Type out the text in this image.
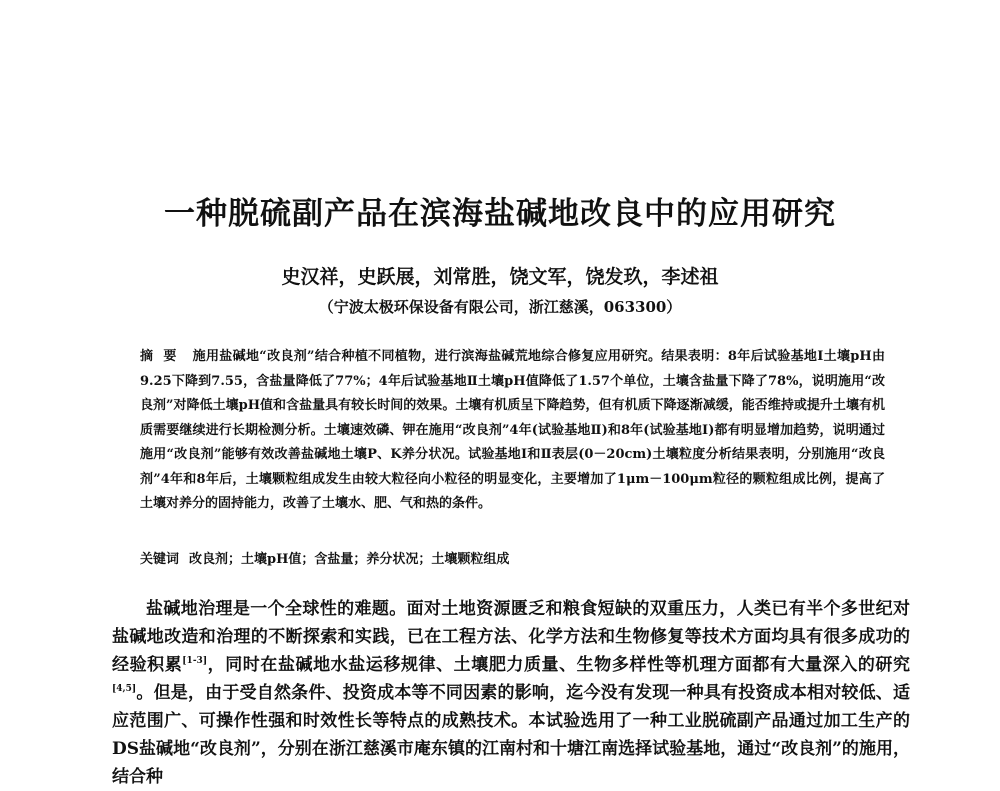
一种脱硫副产品在滨海盐碱地改良中的应用研究
史汉祥，史跃展，刘常胜，饶文军，饶发玖，李述祖
（宁波太极环保设备有限公司，浙江慈溪，063300）
摘要 施用盐碱地“改良剂”结合种植不同植物，进行滨海盐碱荒地综合修复应用研究。结果表明：8年后试验基地Ⅰ土壤pH由9.25下降到7.55，含盐量降低了77%；4年后试验基地Ⅱ土壤pH值降低了1.57个单位，土壤含盐量下降了78%，说明施用“改良剂”对降低土壤pH值和含盐量具有较长时间的效果。土壤有机质呈下降趋势，但有机质下降逐渐减缓，能否维持或提升土壤有机质需要继续进行长期检测分析。土壤速效磷、钾在施用“改良剂”4年(试验基地Ⅱ)和8年(试验基地Ⅰ)都有明显增加趋势，说明通过施用“改良剂”能够有效改善盐碱地土壤P、K养分状况。试验基地Ⅰ和Ⅱ表层(0－20cm)土壤粒度分析结果表明，分别施用“改良剂”4年和8年后，土壤颗粒组成发生由较大粒径向小粒径的明显变化，主要增加了1μm－100μm粒径的颗粒组成比例，提高了土壤对养分的固持能力，改善了土壤水、肥、气和热的条件。
关键词 改良剂；土壤pH值；含盐量；养分状况；土壤颗粒组成
盐碱地治理是一个全球性的难题。面对土地资源匮乏和粮食短缺的双重压力，人类已有半个多世纪对盐碱地改造和治理的不断探索和实践，已在工程方法、化学方法和生物修复等技术方面均具有很多成功的经验积累[1-3]，同时在盐碱地水盐运移规律、土壤肥力质量、生物多样性等机理方面都有大量深入的研究[4,5]。但是，由于受自然条件、投资成本等不同因素的影响，迄今没有发现一种具有投资成本相对较低、适应范围广、可操作性强和时效性长等特点的成熟技术。本试验选用了一种工业脱硫副产品通过加工生产的DS盐碱地“改良剂”，分别在浙江慈溪市庵东镇的江南村和十塘江南选择试验基地，通过“改良剂”的施用，结合种
